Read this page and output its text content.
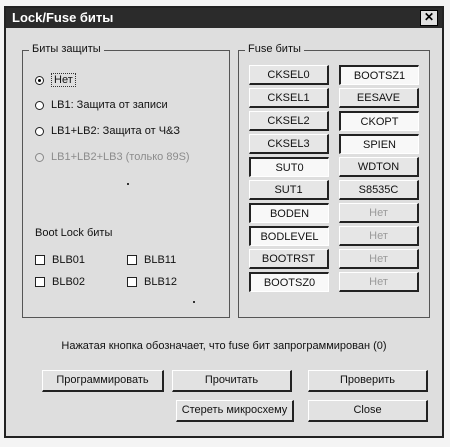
Lock/Fuse биты	✕
Биты защиты
Нет
LB1: Защита от записи
LB1+LB2: Защита от Ч&З
LB1+LB2+LB3 (только 89S)
Boot Lock биты
BLB01	BLB11
BLB02	BLB12
Fuse биты
CKSEL0	BOOTSZ1
CKSEL1	EESAVE
CKSEL2	CKOPT
CKSEL3	SPIEN
SUT0	WDTON
SUT1	S8535C
BODEN	Нет
BODLEVEL	Нет
BOOTRST	Нет
BOOTSZ0	Нет
Нажатая кнопка обозначает, что fuse бит запрограммирован (0)
Программировать	Прочитать	Проверить
Стереть микросхему	Close
